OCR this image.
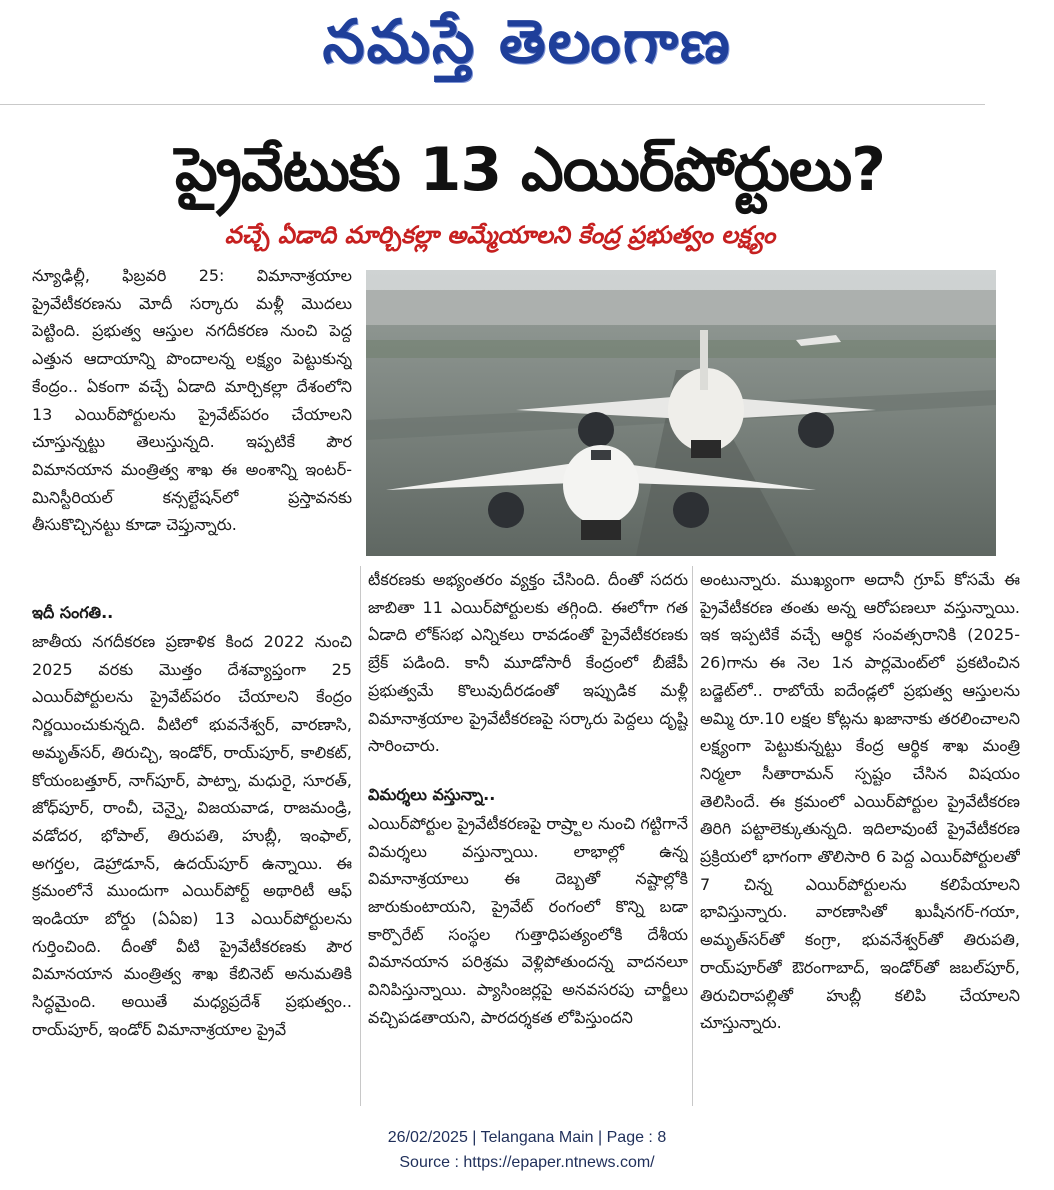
నమస్తే తెలంగాణ
ప్రైవేటుకు 13 ఎయిర్‌పోర్టులు?
వచ్చే ఏడాది మార్చికల్లా అమ్మేయాలని కేంద్ర ప్రభుత్వం లక్ష్యం

న్యూఢిల్లీ, ఫిబ్రవరి 25: విమానాశ్రయాల ప్రైవేటీకరణను మోదీ సర్కారు మళ్లీ మొదలు పెట్టింది. ప్రభుత్వ ఆస్తుల నగదీకరణ నుంచి పెద్ద ఎత్తున ఆదాయాన్ని పొందాలన్న లక్ష్యం పెట్టుకున్న కేంద్రం.. ఏకంగా వచ్చే ఏడాది మార్చికల్లా దేశంలోని 13 ఎయిర్‌పోర్టులను ప్రైవేట్‌పరం చేయాలని చూస్తున్నట్టు తెలుస్తున్నది. ఇప్పటికే పౌర విమానయాన మంత్రిత్వ శాఖ ఈ అంశాన్ని ఇంటర్-మినిస్టీరియల్ కన్సల్టేషన్‌లో ప్రస్తావనకు తీసుకొచ్చినట్టు కూడా చెప్తున్నారు.

ఇదీ సంగతి..

జాతీయ నగదీకరణ ప్రణాళిక కింద 2022 నుంచి 2025 వరకు మొత్తం దేశవ్యాప్తంగా 25 ఎయిర్‌పోర్టులను ప్రైవేట్‌పరం చేయాలని కేంద్రం నిర్ణయించుకున్నది. వీటిలో భువనేశ్వర్, వారణాసి, అమృత్‌సర్, తిరుచ్చి, ఇండోర్, రాయ్‌పూర్, కాలికట్, కోయంబత్తూర్, నాగ్‌పూర్, పాట్నా, మధురై, సూరత్, జోధ్‌పూర్, రాంచీ, చెన్నై, విజయవాడ, రాజమండ్రి, వడోదర, భోపాల్, తిరుపతి, హుబ్లీ, ఇంఫాల్, అగర్తల, డెహ్రాడూన్, ఉదయ్‌పూర్ ఉన్నాయి. ఈ క్రమంలోనే ముందుగా ఎయిర్‌పోర్ట్ అథారిటీ ఆఫ్ ఇండియా బోర్డు (ఏఏఐ) 13 ఎయిర్‌పోర్టులను గుర్తించింది. దీంతో వీటి ప్రైవేటీకరణకు పౌర విమానయాన మంత్రిత్వ శాఖ కేబినెట్ అనుమతికి సిద్ధమైంది. అయితే మధ్యప్రదేశ్ ప్రభుత్వం.. రాయ్‌పూర్, ఇండోర్ విమానాశ్రయాల ప్రైవే

టీకరణకు అభ్యంతరం వ్యక్తం చేసింది. దీంతో సదరు జాబితా 11 ఎయిర్‌పోర్టులకు తగ్గింది. ఈలోగా గత ఏడాది లోక్‌సభ ఎన్నికలు రావడంతో ప్రైవేటీకరణకు బ్రేక్ పడింది. కానీ మూడోసారీ కేంద్రంలో బీజేపీ ప్రభుత్వమే కొలువుదీరడంతో ఇప్పుడిక మళ్లీ విమానాశ్రయాల ప్రైవేటీకరణపై సర్కారు పెద్దలు దృష్టి సారించారు.

విమర్శలు వస్తున్నా..

ఎయిర్‌పోర్టుల ప్రైవేటీకరణపై రాష్ర్టాల నుంచి గట్టిగానే విమర్శలు వస్తున్నాయి. లాభాల్లో ఉన్న విమానాశ్రయాలు ఈ దెబ్బతో నష్టాల్లోకి జారుకుంటాయని, ప్రైవేట్ రంగంలో కొన్ని బడా కార్పొరేట్ సంస్థల గుత్తాధిపత్యంలోకి దేశీయ విమానయాన పరిశ్రమ వెళ్లిపోతుందన్న వాదనలూ వినిపిస్తున్నాయి. ప్యాసింజర్లపై అనవసరపు చార్జీలు వచ్చిపడతాయని, పారదర్శకత లోపిస్తుందని

అంటున్నారు. ముఖ్యంగా అదానీ గ్రూప్ కోసమే ఈ ప్రైవేటీకరణ తంతు అన్న ఆరోపణలూ వస్తున్నాయి. ఇక ఇప్పటికే వచ్చే ఆర్థిక సంవత్సరానికి (2025-26)గాను ఈ నెల 1న పార్లమెంట్‌లో ప్రకటించిన బడ్జెట్‌లో.. రాబోయే ఐదేండ్లలో ప్రభుత్వ ఆస్తులను అమ్మి రూ.10 లక్షల కోట్లను ఖజానాకు తరలించాలని లక్ష్యంగా పెట్టుకున్నట్టు కేంద్ర ఆర్థిక శాఖ మంత్రి నిర్మలా సీతారామన్ స్పష్టం చేసిన విషయం తెలిసిందే. ఈ క్రమంలో ఎయిర్‌పోర్టుల ప్రైవేటీకరణ తిరిగి పట్టాలెక్కుతున్నది. ఇదిలావుంటే ప్రైవేటీకరణ ప్రక్రియలో భాగంగా తొలిసారి 6 పెద్ద ఎయిర్‌పోర్టులతో 7 చిన్న ఎయిర్‌పోర్టులను కలిపేయాలని భావిస్తున్నారు. వారణాసితో ఖుషీనగర్-గయా, అమృత్‌సర్‌తో కంగ్రా, భువనేశ్వర్‌తో తిరుపతి, రాయ్‌పూర్‌తో ఔరంగాబాద్, ఇండోర్‌తో జబల్‌పూర్, తిరుచిరాపల్లితో హుబ్లీ కలిపి చేయాలని చూస్తున్నారు.

26/02/2025 | Telangana Main | Page : 8
Source : https://epaper.ntnews.com/
